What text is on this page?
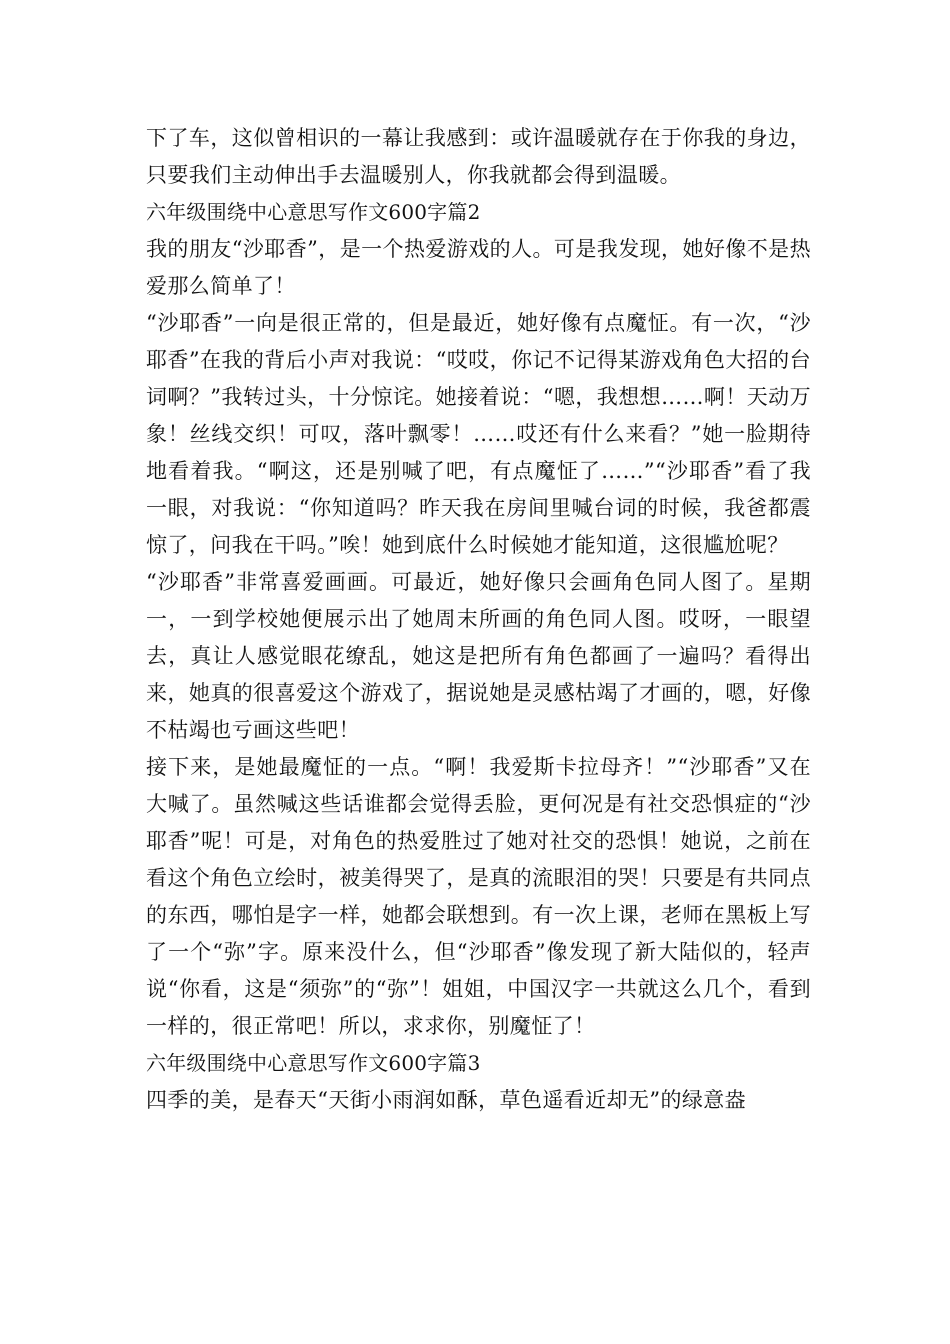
下了车，这似曾相识的一幕让我感到：或许温暖就存在于你我的身边，只要我们主动伸出手去温暖别人，你我就都会得到温暖。

六年级围绕中心意思写作文600字篇2

我的朋友“沙耶香”，是一个热爱游戏的人。可是我发现，她好像不是热爱那么简单了！

“沙耶香”一向是很正常的，但是最近，她好像有点魔怔。有一次，“沙耶香”在我的背后小声对我说：“哎哎，你记不记得某游戏角色大招的台词啊？”我转过头，十分惊诧。她接着说：“嗯，我想想……啊！天动万象！丝线交织！可叹，落叶飘零！……哎还有什么来看？”她一脸期待地看着我。“啊这，还是别喊了吧，有点魔怔了……”“沙耶香”看了我一眼，对我说：“你知道吗？昨天我在房间里喊台词的时候，我爸都震惊了，问我在干吗。”唉！她到底什么时候她才能知道，这很尴尬呢？

“沙耶香”非常喜爱画画。可最近，她好像只会画角色同人图了。星期一，一到学校她便展示出了她周末所画的角色同人图。哎呀，一眼望去，真让人感觉眼花缭乱，她这是把所有角色都画了一遍吗？看得出来，她真的很喜爱这个游戏了，据说她是灵感枯竭了才画的，嗯，好像不枯竭也亏画这些吧！

接下来，是她最魔怔的一点。“啊！我爱斯卡拉母齐！”“沙耶香”又在大喊了。虽然喊这些话谁都会觉得丢脸，更何况是有社交恐惧症的“沙耶香”呢！可是，对角色的热爱胜过了她对社交的恐惧！她说，之前在看这个角色立绘时，被美得哭了，是真的流眼泪的哭！只要是有共同点的东西，哪怕是字一样，她都会联想到。有一次上课，老师在黑板上写了一个“弥”字。原来没什么，但“沙耶香”像发现了新大陆似的，轻声说“你看，这是“须弥”的“弥”！姐姐，中国汉字一共就这么几个，看到一样的，很正常吧！所以，求求你，别魔怔了！

六年级围绕中心意思写作文600字篇3

四季的美，是春天“天街小雨润如酥，草色遥看近却无”的绿意盎
